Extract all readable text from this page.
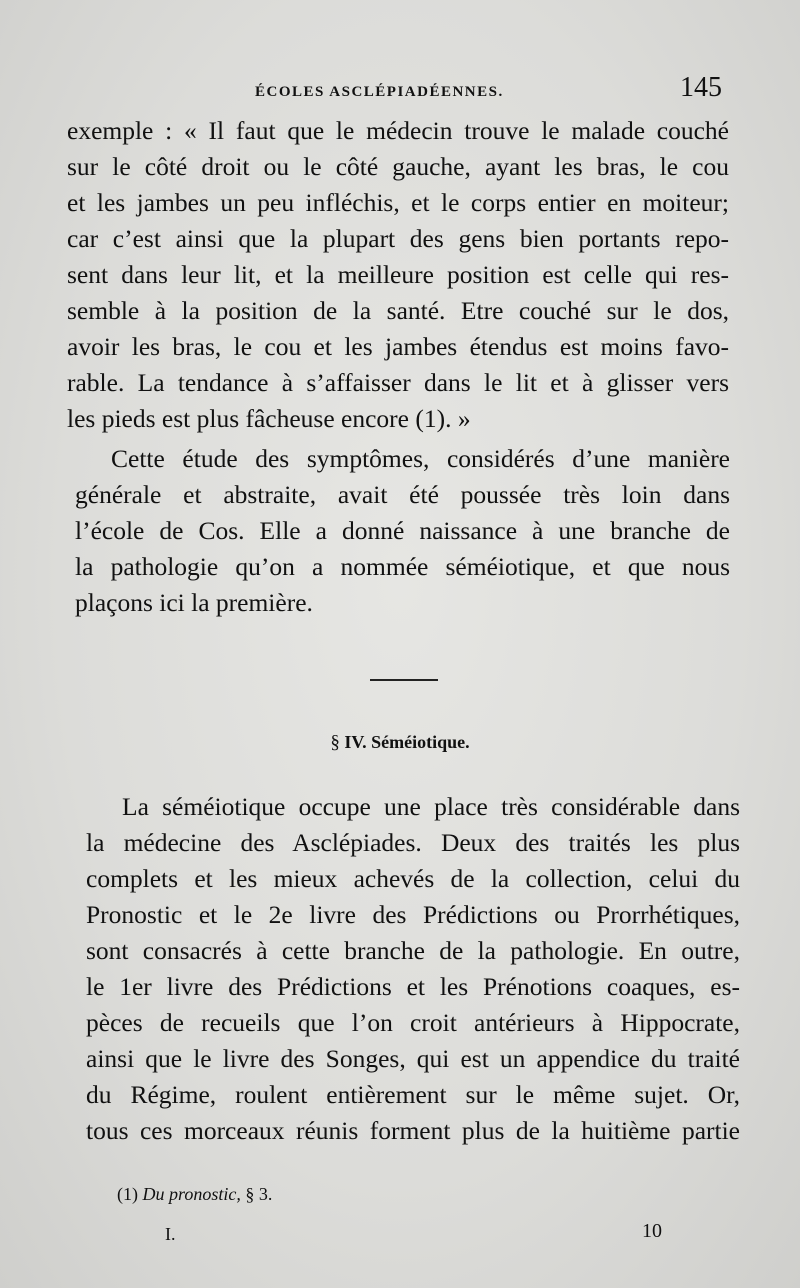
ÉCOLES ASCLÉPIADÉENNES.	145

exemple : « Il faut que le médecin trouve le malade couché
sur le côté droit ou le côté gauche, ayant les bras, le cou
et les jambes un peu infléchis, et le corps entier en moiteur;
car c’est ainsi que la plupart des gens bien portants repo-
sent dans leur lit, et la meilleure position est celle qui res-
semble à la position de la santé. Etre couché sur le dos,
avoir les bras, le cou et les jambes étendus est moins favo-
rable. La tendance à s’affaisser dans le lit et à glisser vers
les pieds est plus fâcheuse encore (1). »

Cette étude des symptômes, considérés d’une manière
générale et abstraite, avait été poussée très loin dans
l’école de Cos. Elle a donné naissance à une branche de
la pathologie qu’on a nommée séméiotique, et que nous
plaçons ici la première.

§ IV. Séméiotique.

La séméiotique occupe une place très considérable dans
la médecine des Asclépiades. Deux des traités les plus
complets et les mieux achevés de la collection, celui du
Pronostic et le 2e livre des Prédictions ou Prorrhétiques,
sont consacrés à cette branche de la pathologie. En outre,
le 1er livre des Prédictions et les Prénotions coaques, es-
pèces de recueils que l’on croit antérieurs à Hippocrate,
ainsi que le livre des Songes, qui est un appendice du traité
du Régime, roulent entièrement sur le même sujet. Or,
tous ces morceaux réunis forment plus de la huitième partie

(1) Du pronostic, § 3.
I.	10
